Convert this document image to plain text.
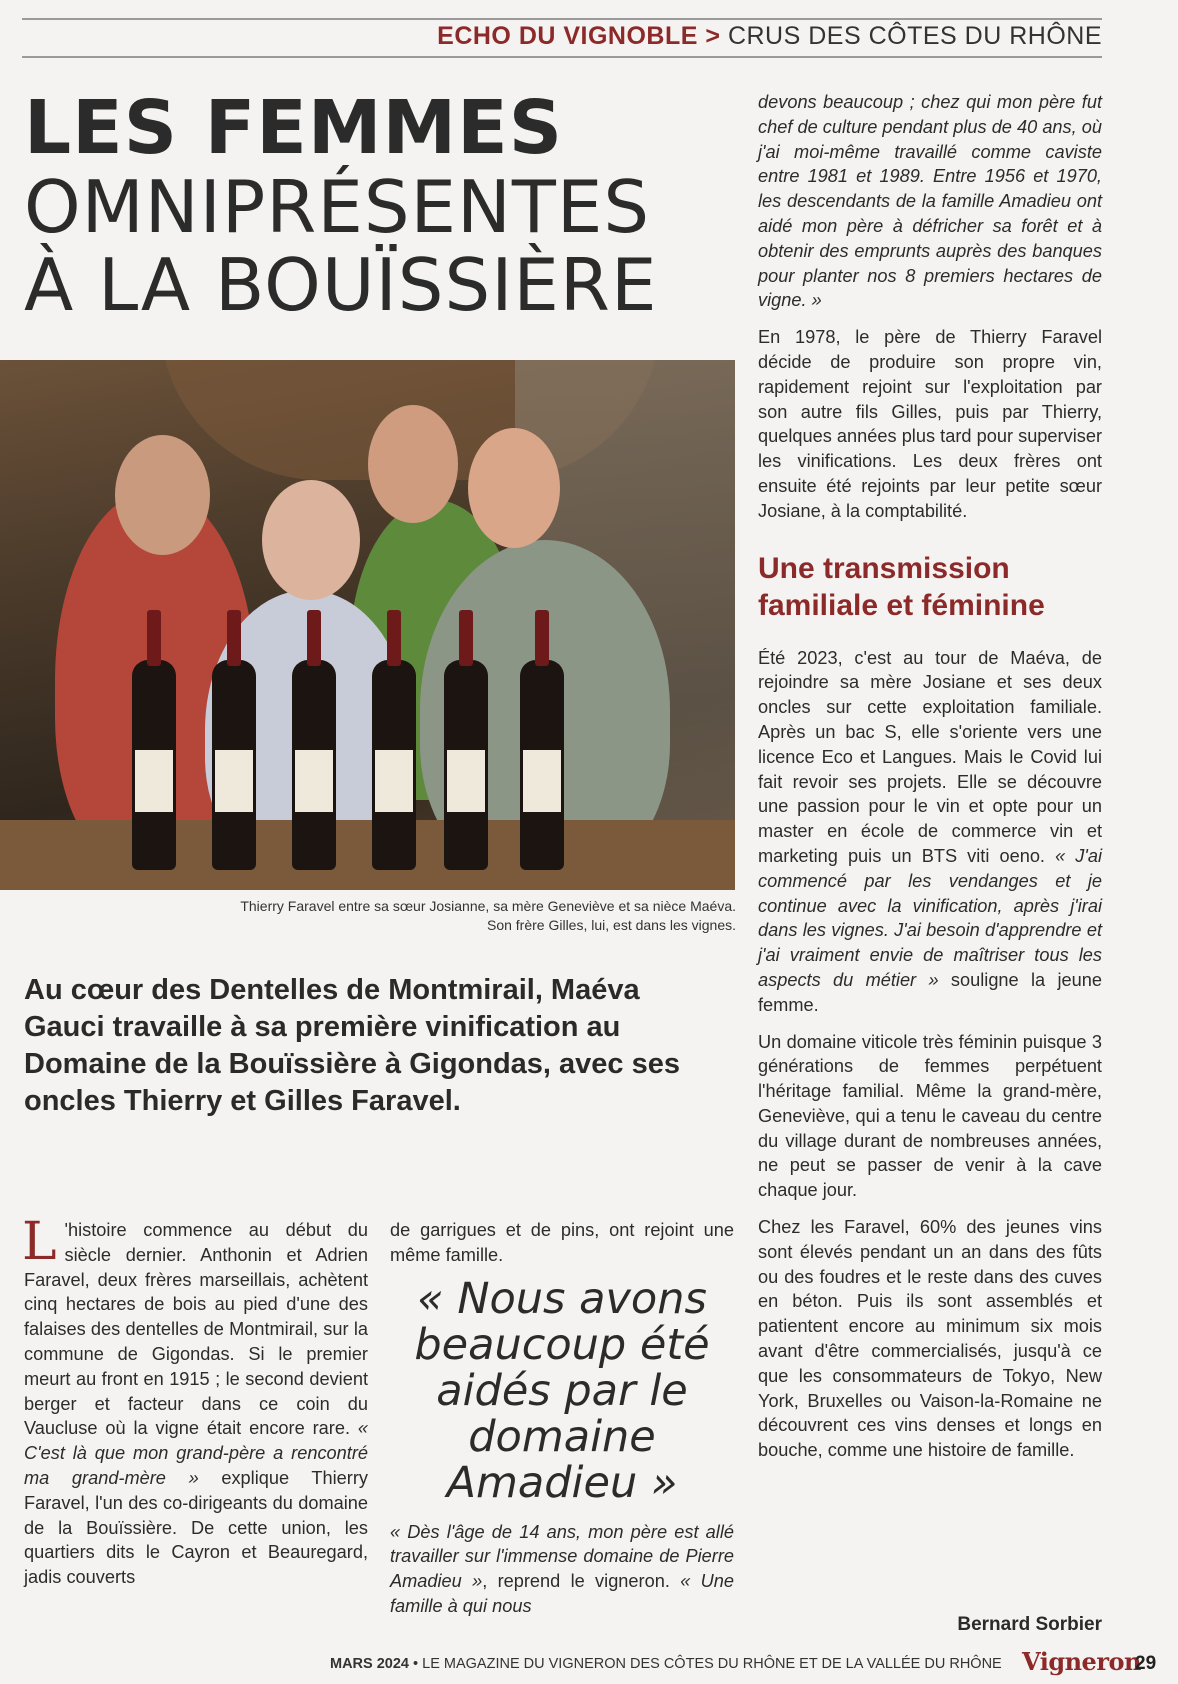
ECHO DU VIGNOBLE > CRUS DES CÔTES DU RHÔNE
LES FEMMES
OMNIPRÉSENTES
À LA BOUÏSSIÈRE
Thierry Faravel entre sa sœur Josianne, sa mère Geneviève et sa nièce Maéva.
Son frère Gilles, lui, est dans les vignes.
Au cœur des Dentelles de Montmirail, Maéva Gauci travaille à sa première vinification au Domaine de la Bouïssière à Gigondas, avec ses oncles Thierry et Gilles Faravel.

L 'histoire commence au début du siècle dernier. Anthonin et Adrien Faravel, deux frères marseillais, achètent cinq hectares de bois au pied d'une des falaises des dentelles de Montmirail, sur la commune de Gigondas. Si le premier meurt au front en 1915 ; le second devient berger et facteur dans ce coin du Vaucluse où la vigne était encore rare. « C'est là que mon grand-père a rencontré ma grand-mère » explique Thierry Faravel, l'un des co-dirigeants du domaine de la Bouïssière. De cette union, les quartiers dits le Cayron et Beauregard, jadis couverts

de garrigues et de pins, ont rejoint une même famille.

« Nous avons beaucoup été aidés par le domaine Amadieu »

« Dès l'âge de 14 ans, mon père est allé travailler sur l'immense domaine de Pierre Amadieu », reprend le vigneron. « Une famille à qui nous

devons beaucoup ; chez qui mon père fut chef de culture pendant plus de 40 ans, où j'ai moi-même travaillé comme caviste entre 1981 et 1989. Entre 1956 et 1970, les descendants de la famille Amadieu ont aidé mon père à défricher sa forêt et à obtenir des emprunts auprès des banques pour planter nos 8 premiers hectares de vigne. »

En 1978, le père de Thierry Faravel décide de produire son propre vin, rapidement rejoint sur l'exploitation par son autre fils Gilles, puis par Thierry, quelques années plus tard pour superviser les vinifications. Les deux frères ont ensuite été rejoints par leur petite sœur Josiane, à la comptabilité.

Une transmission familiale et féminine

Été 2023, c'est au tour de Maéva, de rejoindre sa mère Josiane et ses deux oncles sur cette exploitation familiale. Après un bac S, elle s'oriente vers une licence Eco et Langues. Mais le Covid lui fait revoir ses projets. Elle se découvre une passion pour le vin et opte pour un master en école de commerce vin et marketing puis un BTS viti oeno. « J'ai commencé par les vendanges et je continue avec la vinification, après j'irai dans les vignes. J'ai besoin d'apprendre et j'ai vraiment envie de maîtriser tous les aspects du métier » souligne la jeune femme.

Un domaine viticole très féminin puisque 3 générations de femmes perpétuent l'héritage familial. Même la grand-mère, Geneviève, qui a tenu le caveau du centre du village durant de nombreuses années, ne peut se passer de venir à la cave chaque jour.

Chez les Faravel, 60% des jeunes vins sont élevés pendant un an dans des fûts ou des foudres et le reste dans des cuves en béton. Puis ils sont assemblés et patientent encore au minimum six mois avant d'être commercialisés, jusqu'à ce que les consommateurs de Tokyo, New York, Bruxelles ou Vaison-la-Romaine ne découvrent ces vins denses et longs en bouche, comme une histoire de famille.

Bernard Sorbier
MARS 2024 • LE MAGAZINE DU VIGNERON DES CÔTES DU RHÔNE ET DE LA VALLÉE DU RHÔNE Vigneron
29
